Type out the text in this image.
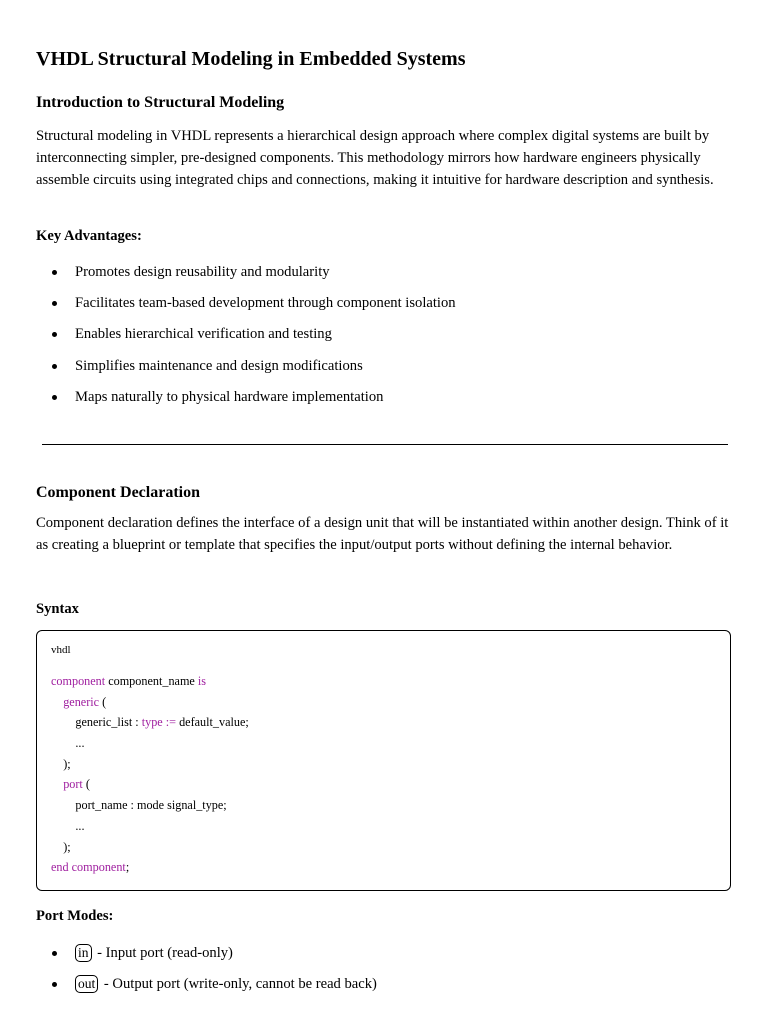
VHDL Structural Modeling in Embedded Systems
Introduction to Structural Modeling

Structural modeling in VHDL represents a hierarchical design approach where complex digital systems are built by interconnecting simpler, pre-designed components. This methodology mirrors how hardware engineers physically assemble circuits using integrated chips and connections, making it intuitive for hardware description and synthesis.

Key Advantages:
Promotes design reusability and modularity
Facilitates team-based development through component isolation
Enables hierarchical verification and testing
Simplifies maintenance and design modifications
Maps naturally to physical hardware implementation
Component Declaration

Component declaration defines the interface of a design unit that will be instantiated within another design. Think of it as creating a blueprint or template that specifies the input/output ports without defining the internal behavior.

Syntax
vhdl
component component_name is
generic (
generic_list : type := default_value;
...
);
port (
port_name : mode signal_type;
...
);
end component;
Port Modes:
in - Input port (read-only)
out - Output port (write-only, cannot be read back)
